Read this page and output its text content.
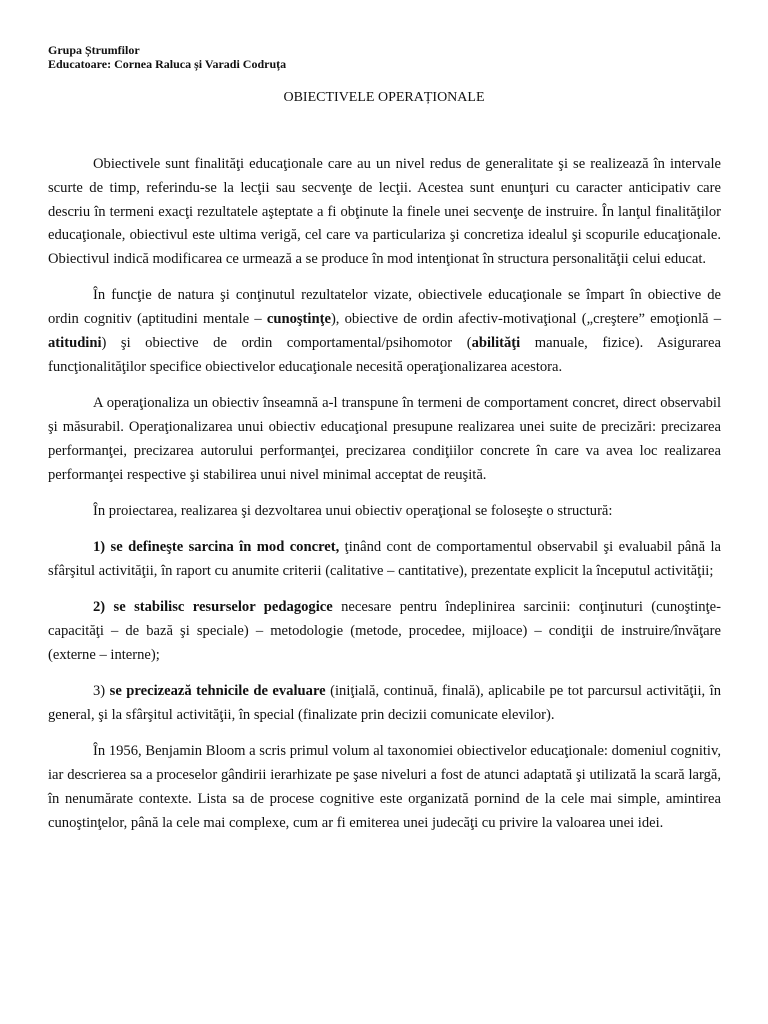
Grupa Ștrumfilor
Educatoare: Cornea Raluca și Varadi Codruța
OBIECTIVELE OPERAȚIONALE

Obiectivele sunt finalităţi educaţionale care au un nivel redus de generalitate şi se realizează în intervale scurte de timp, referindu-se la lecţii sau secvenţe de lecţii. Acestea sunt enunţuri cu caracter anticipativ care descriu în termeni exacţi rezultatele aşteptate a fi obţinute la finele unei secvenţe de instruire. În lanţul finalităţilor educaţionale, obiectivul este ultima verigă, cel care va particulariza şi concretiza idealul şi scopurile educaţionale. Obiectivul indică modificarea ce urmează a se produce în mod intenţionat în structura personalităţii celui educat.

În funcţie de natura şi conţinutul rezultatelor vizate, obiectivele educaţionale se împart în obiective de ordin cognitiv (aptitudini mentale – cunoştinţe), obiective de ordin afectiv-motivaţional („creştere” emoţionlă – atitudini) şi obiective de ordin comportamental/psihomotor (abilităţi manuale, fizice). Asigurarea funcţionalităţilor specifice obiectivelor educaţionale necesită operaţionalizarea acestora.

A operaţionaliza un obiectiv înseamnă a-l transpune în termeni de comportament concret, direct observabil şi măsurabil. Operaţionalizarea unui obiectiv educaţional presupune realizarea unei suite de precizări: precizarea performanţei, precizarea autorului performanţei, precizarea condiţiilor concrete în care va avea loc realizarea performanţei respective şi stabilirea unui nivel minimal acceptat de reuşită.

În proiectarea, realizarea şi dezvoltarea unui obiectiv operaţional se foloseşte o structură:

1) se defineşte sarcina în mod concret, ţinând cont de comportamentul observabil şi evaluabil până la sfârşitul activităţii, în raport cu anumite criterii (calitative – cantitative), prezentate explicit la începutul activităţii;

2) se stabilisc resurselor pedagogice necesare pentru îndeplinirea sarcinii: conţinuturi (cunoştinţe-capacităţi – de bază şi speciale) – metodologie (metode, procedee, mijloace) – condiţii de instruire/învăţare (externe – interne);

3) se precizează tehnicile de evaluare (iniţială, continuă, finală), aplicabile pe tot parcursul activităţii, în general, şi la sfârşitul activităţii, în special (finalizate prin decizii comunicate elevilor).

În 1956, Benjamin Bloom a scris primul volum al taxonomiei obiectivelor educaţionale: domeniul cognitiv, iar descrierea sa a proceselor gândirii ierarhizate pe şase niveluri a fost de atunci adaptată şi utilizată la scară largă, în nenumărate contexte. Lista sa de procese cognitive este organizată pornind de la cele mai simple, amintirea cunoştinţelor, până la cele mai complexe, cum ar fi emiterea unei judecăţi cu privire la valoarea unei idei.
